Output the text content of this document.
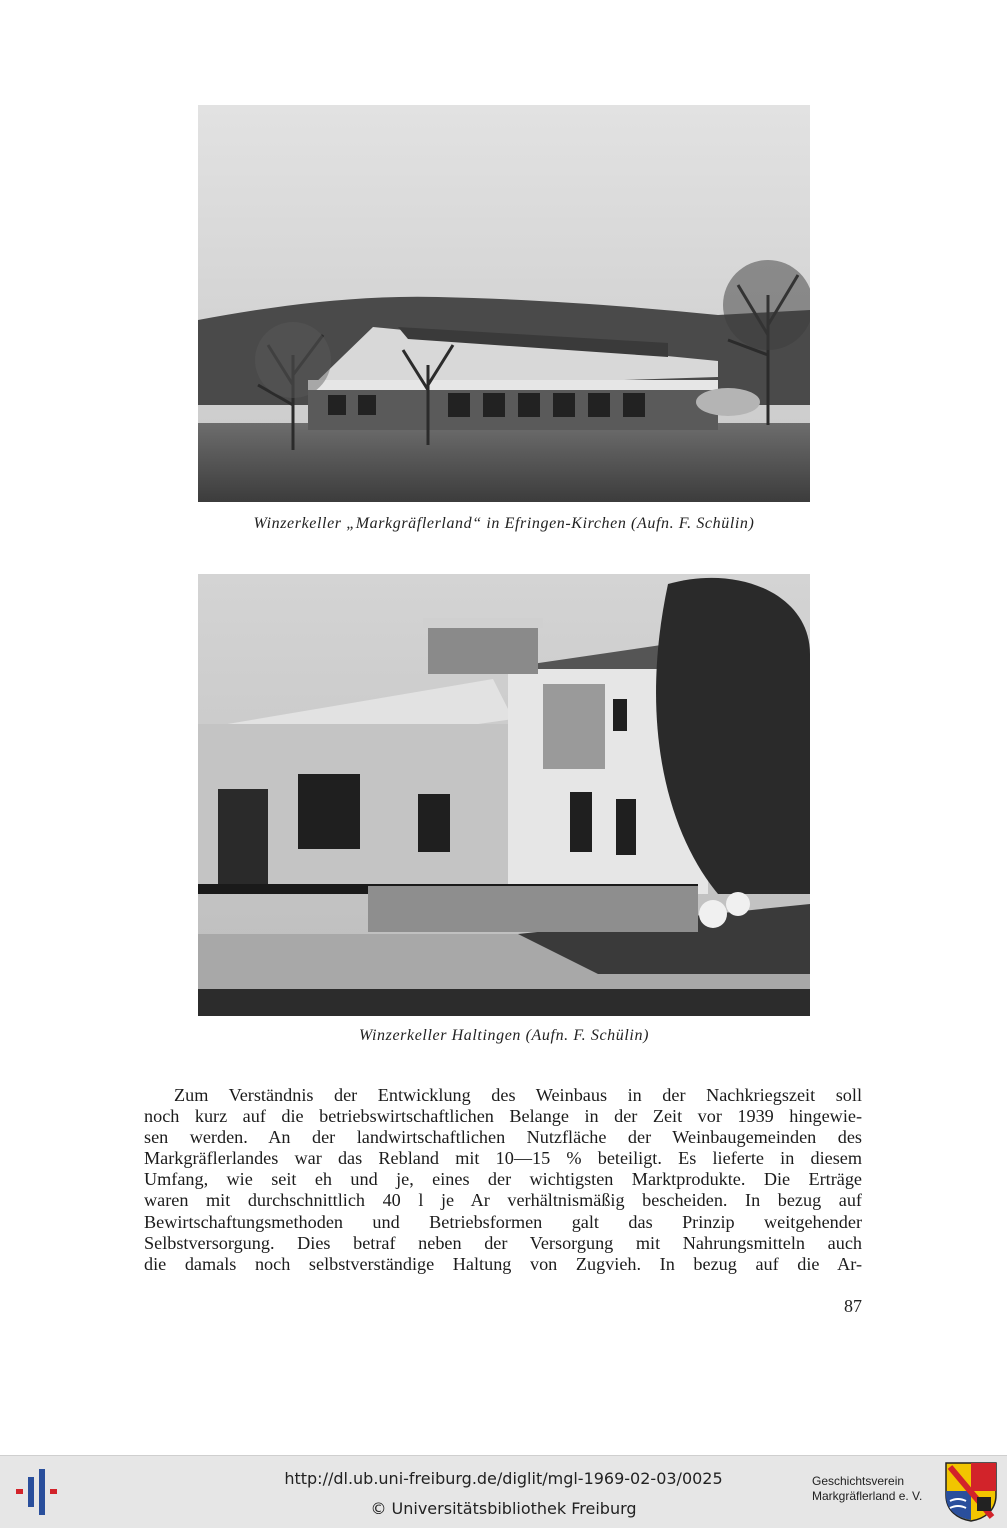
Winzerkeller „Markgräflerland“ in Efringen-Kirchen (Aufn. F. Schülin)
Winzerkeller Haltingen (Aufn. F. Schülin)
Zum Verständnis der Entwicklung des Weinbaus in der Nachkriegszeit soll
noch kurz auf die betriebswirtschaftlichen Belange in der Zeit vor 1939 hingewie-
sen werden. An der landwirtschaftlichen Nutzfläche der Weinbaugemeinden des
Markgräflerlandes war das Rebland mit 10—15 % beteiligt. Es lieferte in diesem
Umfang, wie seit eh und je, eines der wichtigsten Marktprodukte. Die Erträge
waren mit durchschnittlich 40 l je Ar verhältnismäßig bescheiden. In bezug auf
Bewirtschaftungsmethoden und Betriebsformen galt das Prinzip weitgehender
Selbstversorgung. Dies betraf neben der Versorgung mit Nahrungsmitteln auch
die damals noch selbstverständige Haltung von Zugvieh. In bezug auf die Ar-
87
http://dl.ub.uni-freiburg.de/diglit/mgl-1969-02-03/0025
© Universitätsbibliothek Freiburg
Geschichtsverein
Markgräflerland e. V.
